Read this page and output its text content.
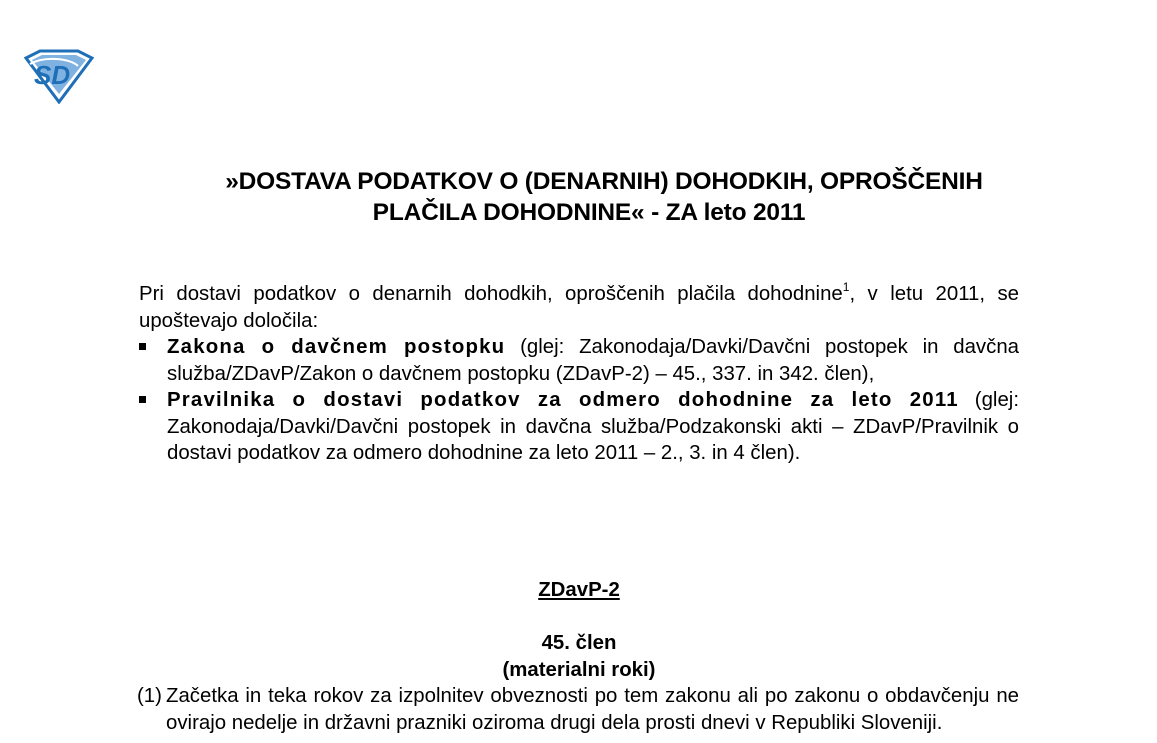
SD
»DOSTAVA PODATKOV O (DENARNIH) DOHODKIH, OPROŠČENIH
PLAČILA DOHODNINE« - ZA leto 2011

Pri dostavi podatkov o denarnih dohodkih, oproščenih plačila dohodnine$^1$, v letu 2011, se upoštevajo določila:

Zakona o davčnem postopku (glej: Zakonodaja/Davki/Davčni postopek in davčna služba/ZDavP/Zakon o davčnem postopku (ZDavP-2) – 45., 337. in 342. člen),
Pravilnika o dostavi podatkov za odmero dohodnine za leto 2011 (glej: Zakonodaja/Davki/Davčni postopek in davčna služba/Podzakonski akti – ZDavP/Pravilnik o dostavi podatkov za odmero dohodnine za leto 2011 – 2., 3. in 4 člen).
ZDavP-2
45. člen
(materialni roki)
(1) Začetka in teka rokov za izpolnitev obveznosti po tem zakonu ali po zakonu o obdavčenju ne ovirajo nedelje in državni prazniki oziroma drugi dela prosti dnevi v Republiki Sloveniji.
